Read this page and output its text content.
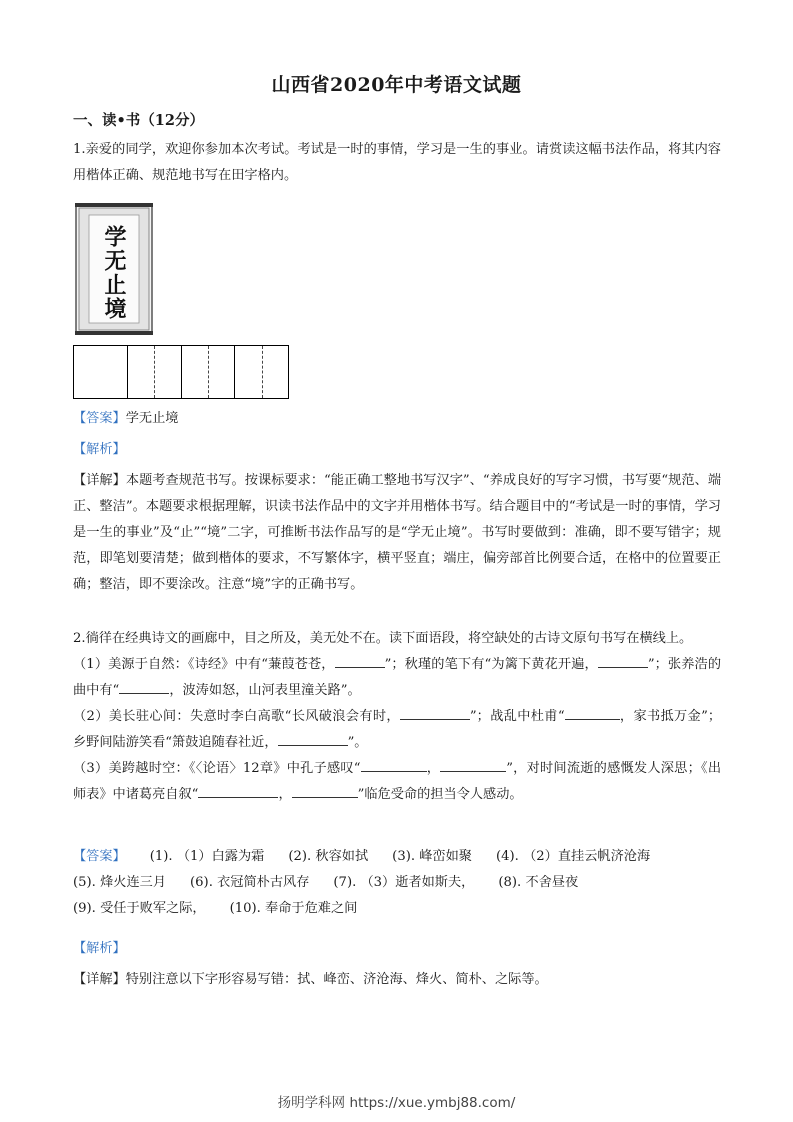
山西省2020年中考语文试题
一、读•书（12分）

1.亲爱的同学，欢迎你参加本次考试。考试是一时的事情，学习是一生的事业。请赏读这幅书法作品，将其内容用楷体正确、规范地书写在田字格内。

学无止境

【答案】学无止境

【解析】

【详解】本题考查规范书写。按课标要求：“能正确工整地书写汉字”、“养成良好的写字习惯，书写要“规范、端正、整洁”。本题要求根据理解，识读书法作品中的文字并用楷体书写。结合题目中的“考试是一时的事情，学习是一生的事业”及“止”“境”二字，可推断书法作品写的是“学无止境”。书写时要做到：准确，即不要写错字；规范，即笔划要清楚；做到楷体的要求，不写繁体字，横平竖直；端庄，偏旁部首比例要合适，在格中的位置要正确；整洁，即不要涂改。注意“境”字的正确书写。

2.徜徉在经典诗文的画廊中，目之所及，美无处不在。读下面语段，将空缺处的古诗文原句书写在横线上。

（1）美源于自然：《诗经》中有“蒹葭苍苍，	”；秋瑾的笔下有“为篱下黄花开遍，	”；张养浩的曲中有“	，波涛如怒，山河表里潼关路”。

（2）美长驻心间：失意时李白高歌“长风破浪会有时，	”；战乱中杜甫“	，家书抵万金”；乡野间陆游笑看“箫鼓追随春社近，	”。

（3）美跨越时空：《〈论语〉12章》中孔子感叹“	，	”，对时间流逝的感慨发人深思；《出师表》中诸葛亮自叙“	，	”临危受命的担当令人感动。

【答案】 (1). （1）白露为霜 (2). 秋容如拭 (3). 峰峦如聚 (4). （2）直挂云帆济沧海
(5). 烽火连三月 (6). 衣冠简朴古风存 (7). （3）逝者如斯夫， (8). 不舍昼夜
(9). 受任于败军之际， (10). 奉命于危难之间

【解析】

【详解】特别注意以下字形容易写错：拭、峰峦、济沧海、烽火、简朴、之际等。

扬明学科网 https://xue.ymbj88.com/
